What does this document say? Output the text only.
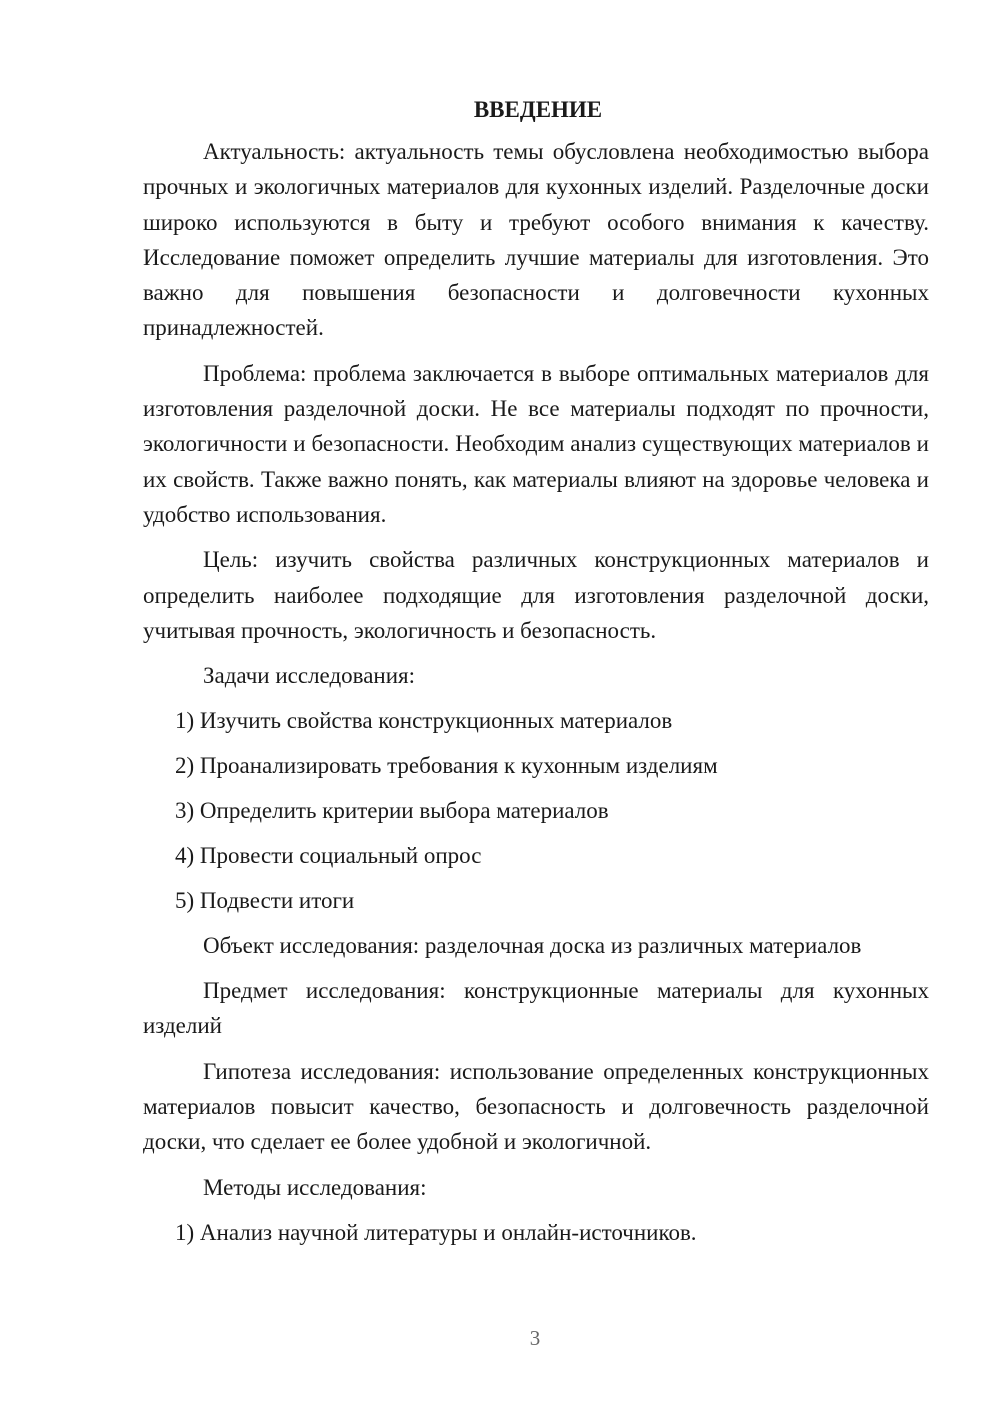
ВВЕДЕНИЕ

Актуальность: актуальность темы обусловлена необходимостью выбора прочных и экологичных материалов для кухонных изделий. Разделочные доски широко используются в быту и требуют особого внимания к качеству. Исследование поможет определить лучшие материалы для изготовления. Это важно для повышения безопасности и долговечности кухонных принадлежностей.

Проблема: проблема заключается в выборе оптимальных материалов для изготовления разделочной доски. Не все материалы подходят по прочности, экологичности и безопасности. Необходим анализ существующих материалов и их свойств. Также важно понять, как материалы влияют на здоровье человека и удобство использования.

Цель: изучить свойства различных конструкционных материалов и определить наиболее подходящие для изготовления разделочной доски, учитывая прочность, экологичность и безопасность.

Задачи исследования:
1) Изучить свойства конструкционных материалов
2) Проанализировать требования к кухонным изделиям
3) Определить критерии выбора материалов
4) Провести социальный опрос
5) Подвести итоги
Объект исследования: разделочная доска из различных материалов

Предмет исследования: конструкционные материалы для кухонных изделий

Гипотеза исследования: использование определенных конструкционных материалов повысит качество, безопасность и долговечность разделочной доски, что сделает ее более удобной и экологичной.

Методы исследования:
1) Анализ научной литературы и онлайн-источников.
3
